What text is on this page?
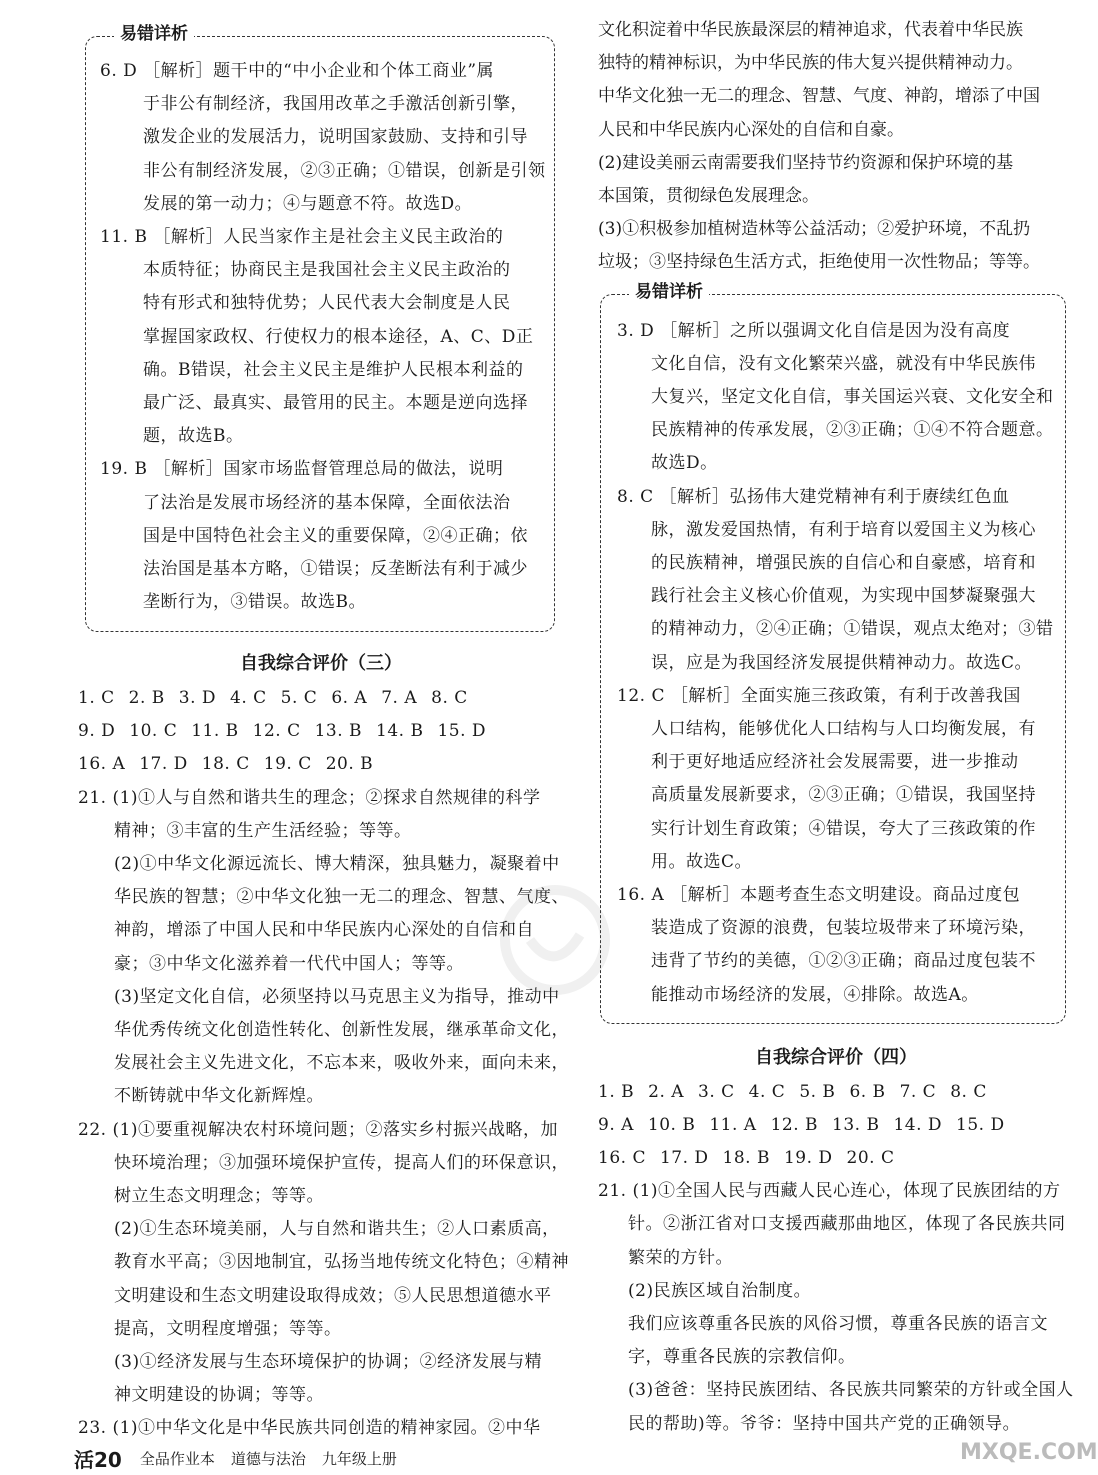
易错详析

6. D ［解析］题干中的“中小企业和个体工商业”属

于非公有制经济，我国用改革之手激活创新引擎，

激发企业的发展活力，说明国家鼓励、支持和引导

非公有制经济发展，②③正确；①错误，创新是引领

发展的第一动力；④与题意不符。故选D。

11. B ［解析］人民当家作主是社会主义民主政治的

本质特征；协商民主是我国社会主义民主政治的

特有形式和独特优势；人民代表大会制度是人民

掌握国家政权、行使权力的根本途径，A、C、D正

确。B错误，社会主义民主是维护人民根本利益的

最广泛、最真实、最管用的民主。本题是逆向选择

题，故选B。

19. B ［解析］国家市场监督管理总局的做法，说明

了法治是发展市场经济的基本保障，全面依法治

国是中国特色社会主义的重要保障，②④正确；依

法治国是基本方略，①错误；反垄断法有利于减少

垄断行为，③错误。故选B。

自我综合评价（三）
1. C 2. B 3. D 4. C 5. C 6. A 7. A 8. C
9. D 10. C 11. B 12. C 13. B 14. B 15. D
16. A 17. D 18. C 19. C 20. B

21. (1)①人与自然和谐共生的理念；②探求自然规律的科学

精神；③丰富的生产生活经验；等等。

(2)①中华文化源远流长、博大精深，独具魅力，凝聚着中

华民族的智慧；②中华文化独一无二的理念、智慧、气度、

神韵，增添了中国人民和中华民族内心深处的自信和自

豪；③中华文化滋养着一代代中国人；等等。

(3)坚定文化自信，必须坚持以马克思主义为指导，推动中

华优秀传统文化创造性转化、创新性发展，继承革命文化，

发展社会主义先进文化，不忘本来，吸收外来，面向未来，

不断铸就中华文化新辉煌。

22. (1)①要重视解决农村环境问题；②落实乡村振兴战略，加

快环境治理；③加强环境保护宣传，提高人们的环保意识，

树立生态文明理念；等等。

(2)①生态环境美丽，人与自然和谐共生；②人口素质高，

教育水平高；③因地制宜，弘扬当地传统文化特色；④精神

文明建设和生态文明建设取得成效；⑤人民思想道德水平

提高，文明程度增强；等等。

(3)①经济发展与生态环境保护的协调；②经济发展与精

神文明建设的协调；等等。

23. (1)①中华文化是中华民族共同创造的精神家园。②中华

文化积淀着中华民族最深层的精神追求，代表着中华民族

独特的精神标识，为中华民族的伟大复兴提供精神动力。

中华文化独一无二的理念、智慧、气度、神韵，增添了中国

人民和中华民族内心深处的自信和自豪。

(2)建设美丽云南需要我们坚持节约资源和保护环境的基

本国策，贯彻绿色发展理念。

(3)①积极参加植树造林等公益活动；②爱护环境，不乱扔

垃圾；③坚持绿色生活方式，拒绝使用一次性物品；等等。

易错详析

3. D ［解析］之所以强调文化自信是因为没有高度

文化自信，没有文化繁荣兴盛，就没有中华民族伟

大复兴，坚定文化自信，事关国运兴衰、文化安全和

民族精神的传承发展，②③正确；①④不符合题意。

故选D。

8. C ［解析］弘扬伟大建党精神有利于赓续红色血

脉，激发爱国热情，有利于培育以爱国主义为核心

的民族精神，增强民族的自信心和自豪感，培育和

践行社会主义核心价值观，为实现中国梦凝聚强大

的精神动力，②④正确；①错误，观点太绝对；③错

误，应是为我国经济发展提供精神动力。故选C。

12. C ［解析］全面实施三孩政策，有利于改善我国

人口结构，能够优化人口结构与人口均衡发展，有

利于更好地适应经济社会发展需要，进一步推动

高质量发展新要求，②③正确；①错误，我国坚持

实行计划生育政策；④错误，夸大了三孩政策的作

用。故选C。

16. A ［解析］本题考查生态文明建设。商品过度包

装造成了资源的浪费，包装垃圾带来了环境污染，

违背了节约的美德，①②③正确；商品过度包装不

能推动市场经济的发展，④排除。故选A。

自我综合评价（四）
1. B 2. A 3. C 4. C 5. B 6. B 7. C 8. C
9. A 10. B 11. A 12. B 13. B 14. D 15. D
16. C 17. D 18. B 19. D 20. C

21. (1)①全国人民与西藏人民心连心，体现了民族团结的方

针。②浙江省对口支援西藏那曲地区，体现了各民族共同

繁荣的方针。

(2)民族区域自治制度。

我们应该尊重各民族的风俗习惯，尊重各民族的语言文

字，尊重各民族的宗教信仰。

(3)爸爸：坚持民族团结、各民族共同繁荣的方针或全国人

民的帮助)等。爷爷：坚持中国共产党的正确领导。

活20 全品作业本 道德与法治 九年级上册	MXQE.COM
